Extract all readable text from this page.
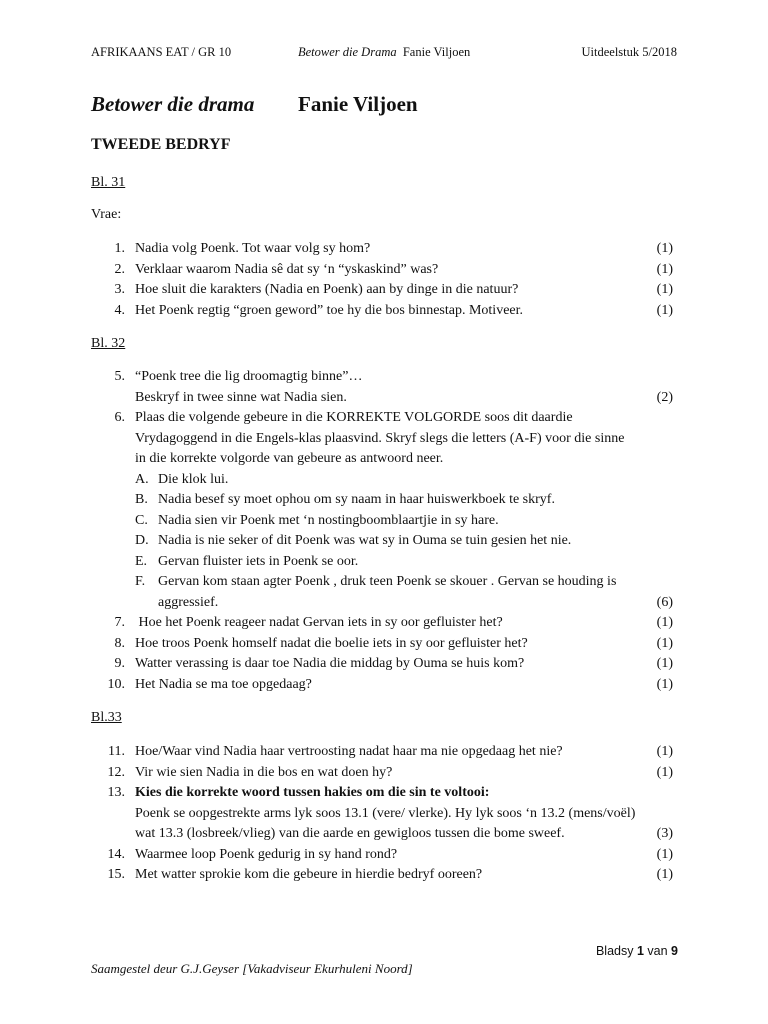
AFRIKAANS EAT / GR 10	Betower die Drama Fanie Viljoen	Uitdeelstuk 5/2018
Betower die drama Fanie Viljoen
TWEEDE BEDRYF
Bl. 31
Vrae:
1. Nadia volg Poenk. Tot waar volg sy hom?	(1)
2. Verklaar waarom Nadia sê dat sy ‘n “yskaskind” was?	(1)
3. Hoe sluit die karakters (Nadia en Poenk) aan by dinge in die natuur?	(1)
4. Het Poenk regtig “groen geword” toe hy die bos binnestap. Motiveer.	(1)
Bl. 32
5. “Poenk tree die lig droomagtig binne”…
Beskryf in twee sinne wat Nadia sien.	(2)
6. Plaas die volgende gebeure in die KORREKTE VOLGORDE soos dit daardie
Vrydagoggend in die Engels-klas plaasvind. Skryf slegs die letters (A-F) voor die sinne
in die korrekte volgorde van gebeure as antwoord neer.
A. Die klok lui.
B. Nadia besef sy moet ophou om sy naam in haar huiswerkboek te skryf.
C. Nadia sien vir Poenk met ‘n nostingboomblaartjie in sy hare.
D. Nadia is nie seker of dit Poenk was wat sy in Ouma se tuin gesien het nie.
E. Gervan fluister iets in Poenk se oor.
F. Gervan kom staan agter Poenk , druk teen Poenk se skouer . Gervan se houding is
aggressief.	(6)
7. Hoe het Poenk reageer nadat Gervan iets in sy oor gefluister het?	(1)
8. Hoe troos Poenk homself nadat die boelie iets in sy oor gefluister het?	(1)
9. Watter verassing is daar toe Nadia die middag by Ouma se huis kom?	(1)
10. Het Nadia se ma toe opgedaag?	(1)
Bl.33
11. Hoe/Waar vind Nadia haar vertroosting nadat haar ma nie opgedaag het nie?	(1)
12. Vir wie sien Nadia in die bos en wat doen hy?	(1)
13. Kies die korrekte woord tussen hakies om die sin te voltooi:
Poenk se oopgestrekte arms lyk soos 13.1 (vere/ vlerke). Hy lyk soos ‘n 13.2 (mens/voël)
wat 13.3 (losbreek/vlieg) van die aarde en gewigloos tussen die bome sweef.	(3)
14. Waarmee loop Poenk gedurig in sy hand rond?	(1)
15. Met watter sprokie kom die gebeure in hierdie bedryf ooreen?	(1)
Bladsy 1 van 9
Saamgestel deur G.J.Geyser [Vakadviseur Ekurhuleni Noord]
